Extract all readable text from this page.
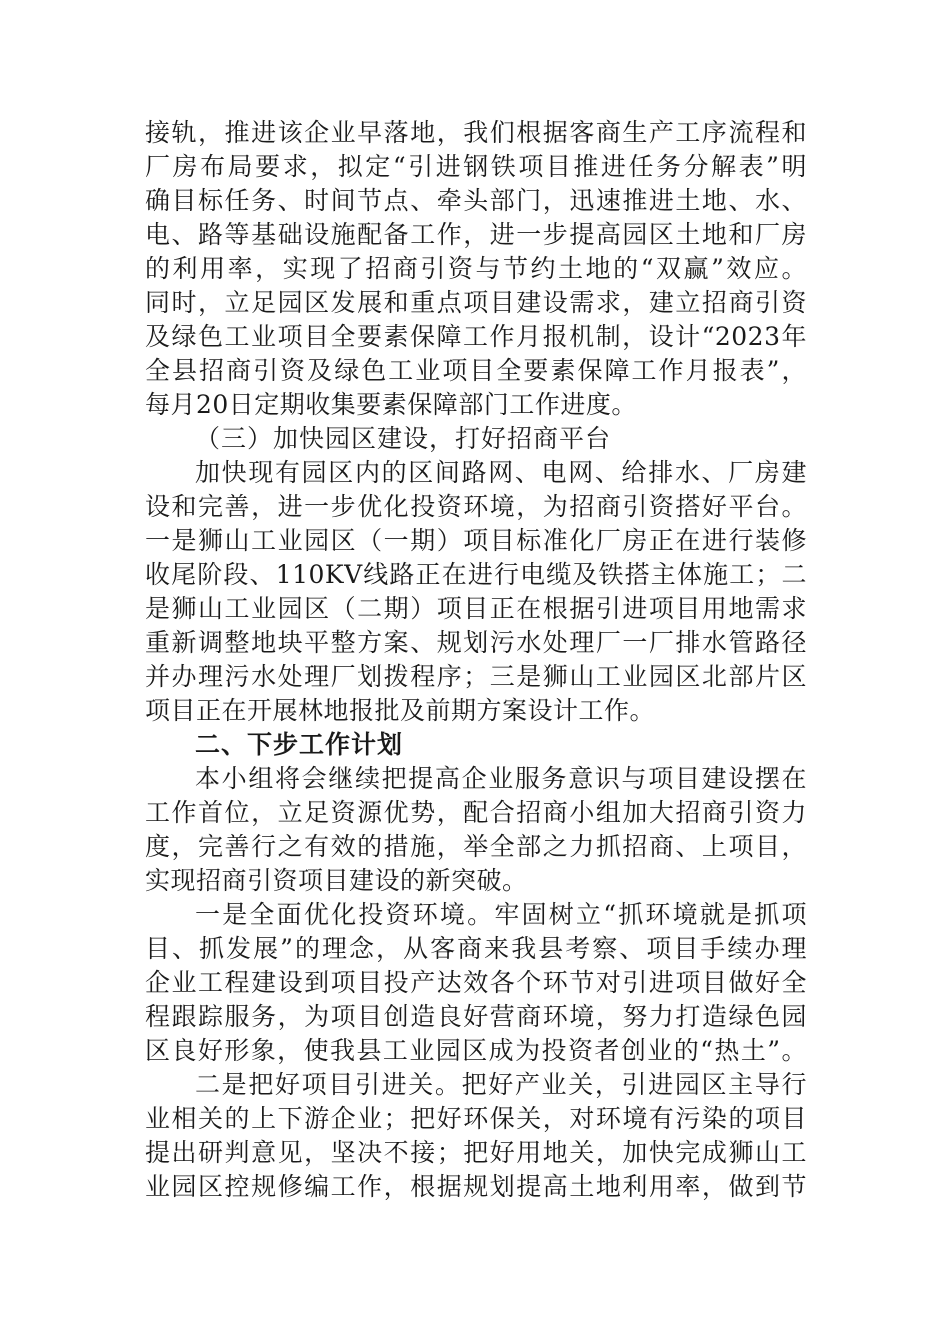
接轨，推进该企业早落地，我们根据客商生产工序流程和
厂房布局要求，拟定“引进钢铁项目推进任务分解表”明
确目标任务、时间节点、牵头部门，迅速推进土地、水、
电、路等基础设施配备工作，进一步提高园区土地和厂房
的利用率，实现了招商引资与节约土地的“双赢”效应。
同时，立足园区发展和重点项目建设需求，建立招商引资
及绿色工业项目全要素保障工作月报机制，设计“2023年
全县招商引资及绿色工业项目全要素保障工作月报表”，
每月20日定期收集要素保障部门工作进度。
（三）加快园区建设，打好招商平台
加快现有园区内的区间路网、电网、给排水、厂房建
设和完善，进一步优化投资环境，为招商引资搭好平台。
一是狮山工业园区（一期）项目标准化厂房正在进行装修
收尾阶段、110KV线路正在进行电缆及铁搭主体施工；二
是狮山工业园区（二期）项目正在根据引进项目用地需求
重新调整地块平整方案、规划污水处理厂一厂排水管路径
并办理污水处理厂划拨程序；三是狮山工业园区北部片区
项目正在开展林地报批及前期方案设计工作。
二、下步工作计划
本小组将会继续把提高企业服务意识与项目建设摆在
工作首位，立足资源优势，配合招商小组加大招商引资力
度，完善行之有效的措施，举全部之力抓招商、上项目，
实现招商引资项目建设的新突破。
一是全面优化投资环境。牢固树立“抓环境就是抓项
目、抓发展”的理念，从客商来我县考察、项目手续办理
企业工程建设到项目投产达效各个环节对引进项目做好全
程跟踪服务，为项目创造良好营商环境，努力打造绿色园
区良好形象，使我县工业园区成为投资者创业的“热土”。
二是把好项目引进关。把好产业关，引进园区主导行
业相关的上下游企业；把好环保关，对环境有污染的项目
提出研判意见，坚决不接；把好用地关，加快完成狮山工
业园区控规修编工作，根据规划提高土地利用率，做到节
